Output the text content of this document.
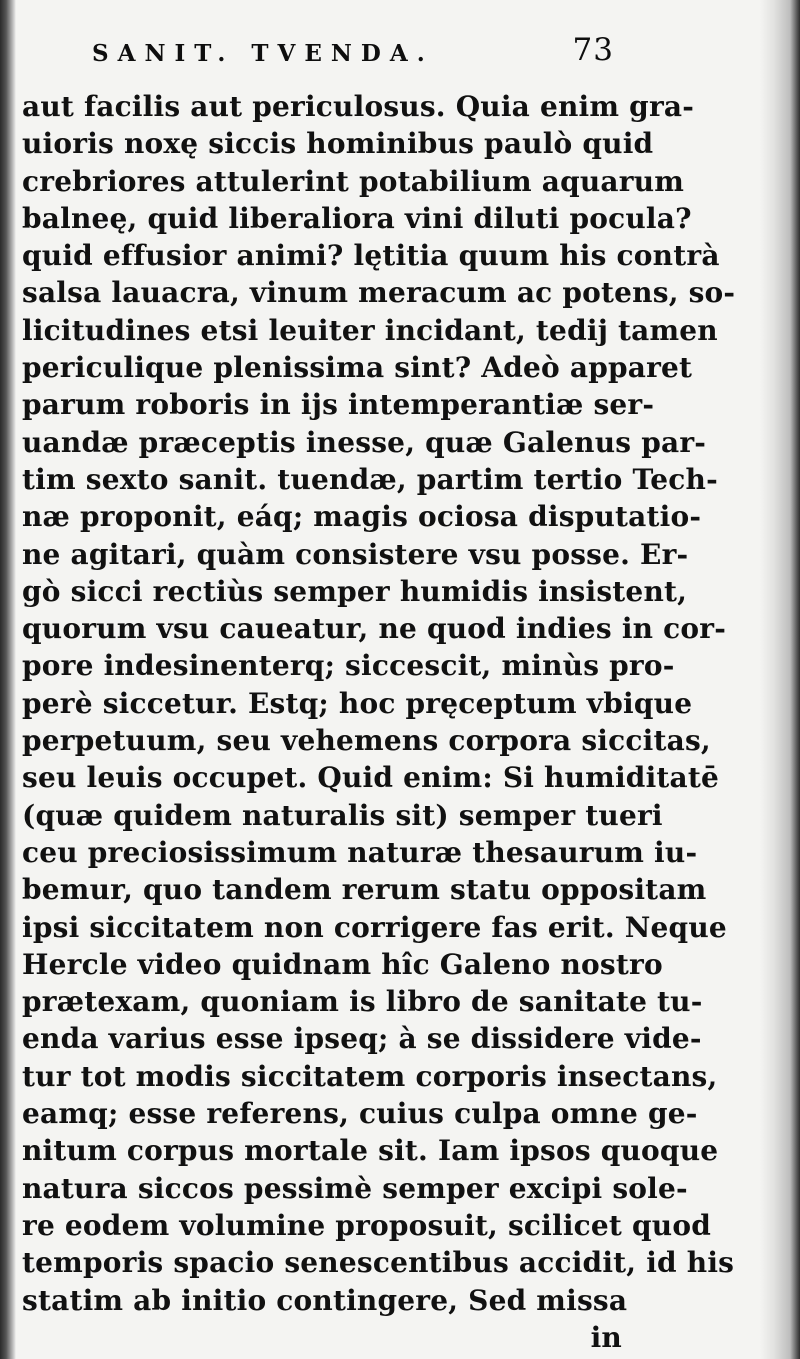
SANIT. TVENDA.	73
aut facilis aut periculosus. Quia enim gra-
uioris noxę siccis hominibus paulò quid
crebriores attulerint potabilium aquarum
balneę, quid liberaliora vini diluti pocula?
quid effusior animi? lętitia quum his contrà
salsa lauacra, vinum meracum ac potens, so-
licitudines etsi leuiter incidant, tedij tamen
periculique plenissima sint? Adeò apparet
parum roboris in ijs intemperantiæ ser-
uandæ præceptis inesse, quæ Galenus par-
tim sexto sanit. tuendæ, partim tertio Tech-
næ proponit, eáq; magis ociosa disputatio-
ne agitari, quàm consistere vsu posse. Er-
gò sicci rectiùs semper humidis insistent,
quorum vsu caueatur, ne quod indies in cor-
pore indesinenterq; siccescit, minùs pro-
perè siccetur. Estq; hoc pręceptum vbique
perpetuum, seu vehemens corpora siccitas,
seu leuis occupet. Quid enim: Si humiditatē
(quæ quidem naturalis sit) semper tueri
ceu preciosissimum naturæ thesaurum iu-
bemur, quo tandem rerum statu oppositam
ipsi siccitatem non corrigere fas erit. Neque
Hercle video quidnam hîc Galeno nostro
prætexam, quoniam is libro de sanitate tu-
enda varius esse ipseq; à se dissidere vide-
tur tot modis siccitatem corporis insectans,
eamq; esse referens, cuius culpa omne ge-
nitum corpus mortale sit. Iam ipsos quoque
natura siccos pessimè semper excipi sole-
re eodem volumine proposuit, scilicet quod
temporis spacio senescentibus accidit, id his
statim ab initio contingere, Sed missa
in
